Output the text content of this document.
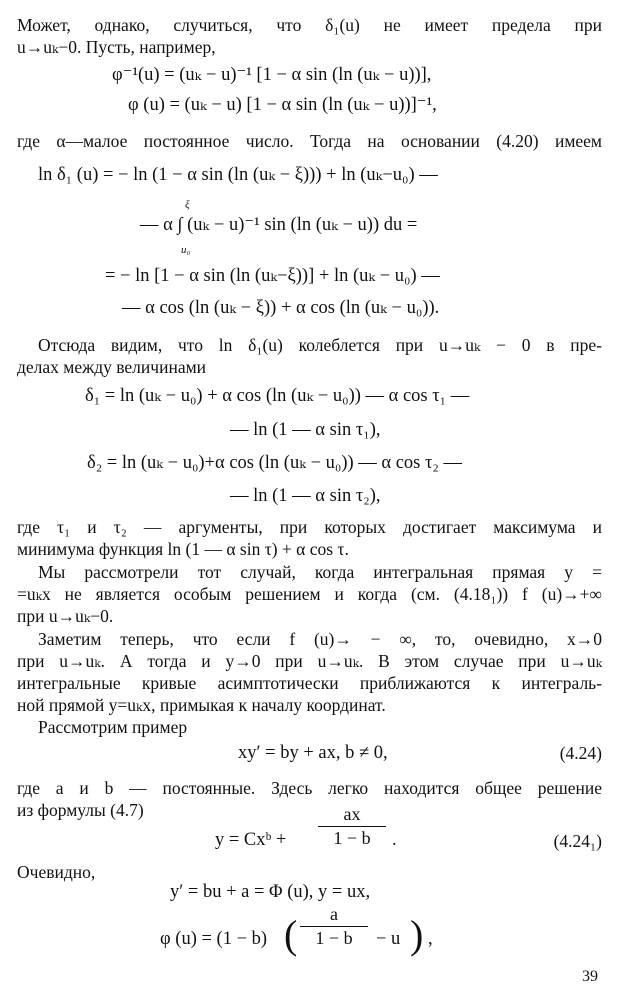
Может, однако, случиться, что δ₁(u) не имеет предела при
u→uₖ−0. Пусть, например,
φ⁻¹(u) = (uₖ − u)⁻¹ [1 − α sin (ln (uₖ − u))],
φ (u) = (uₖ − u) [1 − α sin (ln (uₖ − u))]⁻¹,
где α—малое постоянное число. Тогда на основании (4.20) имеем
ln δ₁ (u) = − ln (1 − α sin (ln (uₖ − ξ))) + ln (uₖ−u₀) —
ξ
— α ∫ (uₖ − u)⁻¹ sin (ln (uₖ − u)) du =
u₀
= − ln [1 − α sin (ln (uₖ−ξ))] + ln (uₖ − u₀) —
— α cos (ln (uₖ − ξ)) + α cos (ln (uₖ − u₀)).
Отсюда видим, что ln δ₁(u) колеблется при u→uₖ − 0 в пре-
делах между величинами
δ₁ = ln (uₖ − u₀) + α cos (ln (uₖ − u₀)) — α cos τ₁ —
— ln (1 — α sin τ₁),
δ₂ = ln (uₖ − u₀)+α cos (ln (uₖ − u₀)) — α cos τ₂ —
— ln (1 — α sin τ₂),
где τ₁ и τ₂ — аргументы, при которых достигает максимума и
минимума функция ln (1 — α sin τ) + α cos τ.
Мы рассмотрели тот случай, когда интегральная прямая y =
=uₖx не является особым решением и когда (см. (4.18₁)) f (u)→+∞
при u→uₖ−0.
Заметим теперь, что если f (u)→ − ∞, то, очевидно, x→0
при u→uₖ. А тогда и y→0 при u→uₖ. В этом случае при u→uₖ
интегральные кривые асимптотически приближаются к интеграль-
ной прямой y=uₖx, примыкая к началу координат.
Рассмотрим пример
xy′ = by + ax, b ≠ 0,	(4.24)
где a и b — постоянные. Здесь легко находится общее решение
из формулы (4.7)
y = Cxᵇ + $\frac{ax}{1 - b}$ .	(4.24₁)
Очевидно,
y′ = bu + a = Φ (u), y = ux,
φ (u) = (1 − b) ( $\frac{a}{1 - b} - u$ ) ,
39
